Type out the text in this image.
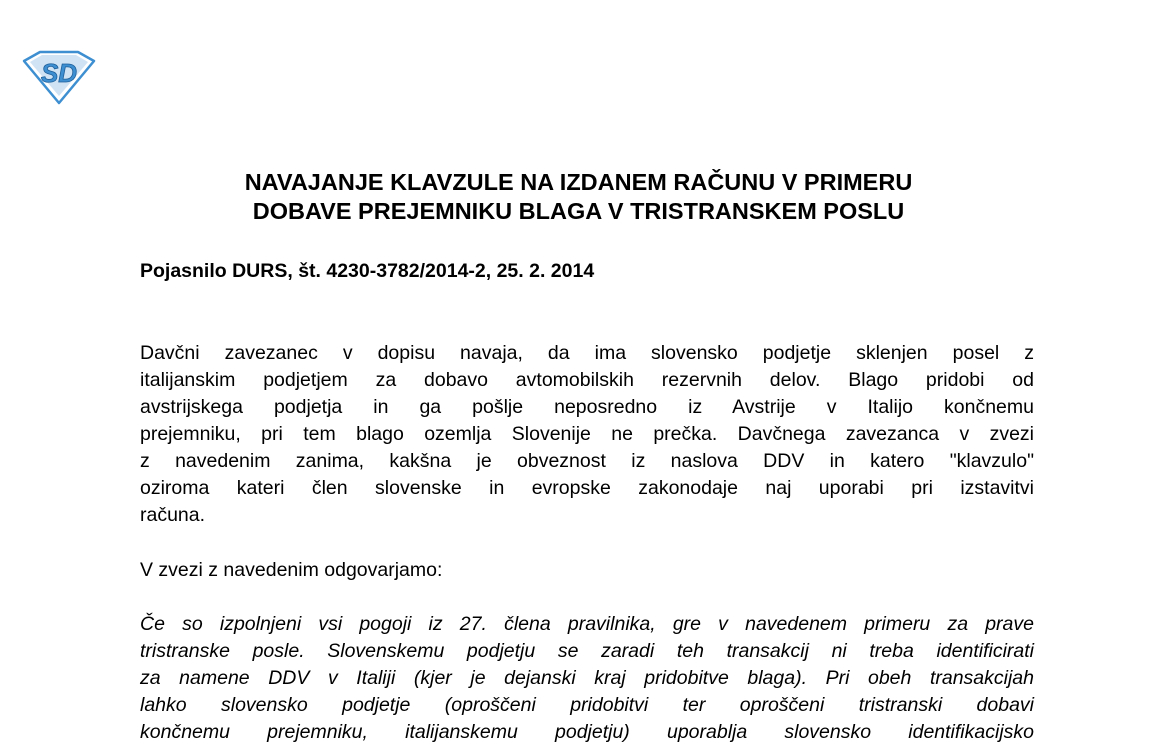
SD
NAVAJANJE KLAVZULE NA IZDANEM RAČUNU V PRIMERU
DOBAVE PREJEMNIKU BLAGA V TRISTRANSKEM POSLU
Pojasnilo DURS, št. 4230-3782/2014-2, 25. 2. 2014
Davčni zavezanec v dopisu navaja, da ima slovensko podjetje sklenjen posel z
italijanskim podjetjem za dobavo avtomobilskih rezervnih delov. Blago pridobi od
avstrijskega podjetja in ga pošlje neposredno iz Avstrije v Italijo končnemu
prejemniku, pri tem blago ozemlja Slovenije ne prečka. Davčnega zavezanca v zvezi
z navedenim zanima, kakšna je obveznost iz naslova DDV in katero "klavzulo"
oziroma kateri člen slovenske in evropske zakonodaje naj uporabi pri izstavitvi
računa.
V zvezi z navedenim odgovarjamo:
Če so izpolnjeni vsi pogoji iz 27. člena pravilnika, gre v navedenem primeru za prave
tristranske posle. Slovenskemu podjetju se zaradi teh transakcij ni treba identificirati
za namene DDV v Italiji (kjer je dejanski kraj pridobitve blaga). Pri obeh transakcijah
lahko slovensko podjetje (oproščeni pridobitvi ter oproščeni tristranski dobavi
končnemu prejemniku, italijanskemu podjetju) uporablja slovensko identifikacijsko
